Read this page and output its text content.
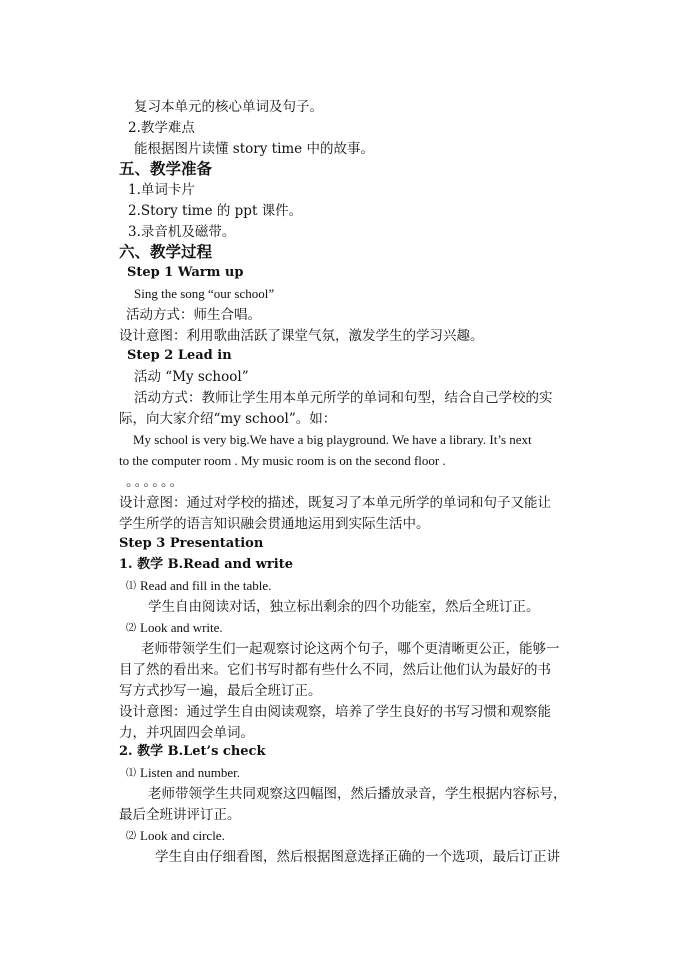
复习本单元的核心单词及句子。
2.教学难点
能根据图片读懂 story time 中的故事。
五、教学准备
1.单词卡片
2.Story time 的 ppt 课件。
3.录音机及磁带。
六、教学过程
Step 1 Warm up
Sing the song “our school”
活动方式：师生合唱。
设计意图：利用歌曲活跃了课堂气氛，激发学生的学习兴趣。
Step 2 Lead in
活动 “My school”
活动方式：教师让学生用本单元所学的单词和句型，结合自己学校的实
际，向大家介绍“my school”。如：
My school is very big.We have a big playground. We have a library. It’s next
to the computer room . My music room is on the second floor .
。。。。。。
设计意图：通过对学校的描述，既复习了本单元所学的单词和句子又能让
学生所学的语言知识融会贯通地运用到实际生活中。
Step 3 Presentation
1. 教学 B.Read and write
⑴ Read and fill in the table.
学生自由阅读对话，独立标出剩余的四个功能室，然后全班订正。
⑵ Look and write.
老师带领学生们一起观察讨论这两个句子，哪个更清晰更公正，能够一
目了然的看出来。它们书写时都有些什么不同，然后让他们认为最好的书
写方式抄写一遍，最后全班订正。
设计意图：通过学生自由阅读观察，培养了学生良好的书写习惯和观察能
力，并巩固四会单词。
2. 教学 B.Let’s check
⑴ Listen and number.
老师带领学生共同观察这四幅图，然后播放录音，学生根据内容标号，
最后全班讲评订正。
⑵ Look and circle.
学生自由仔细看图，然后根据图意选择正确的一个选项，最后订正讲
